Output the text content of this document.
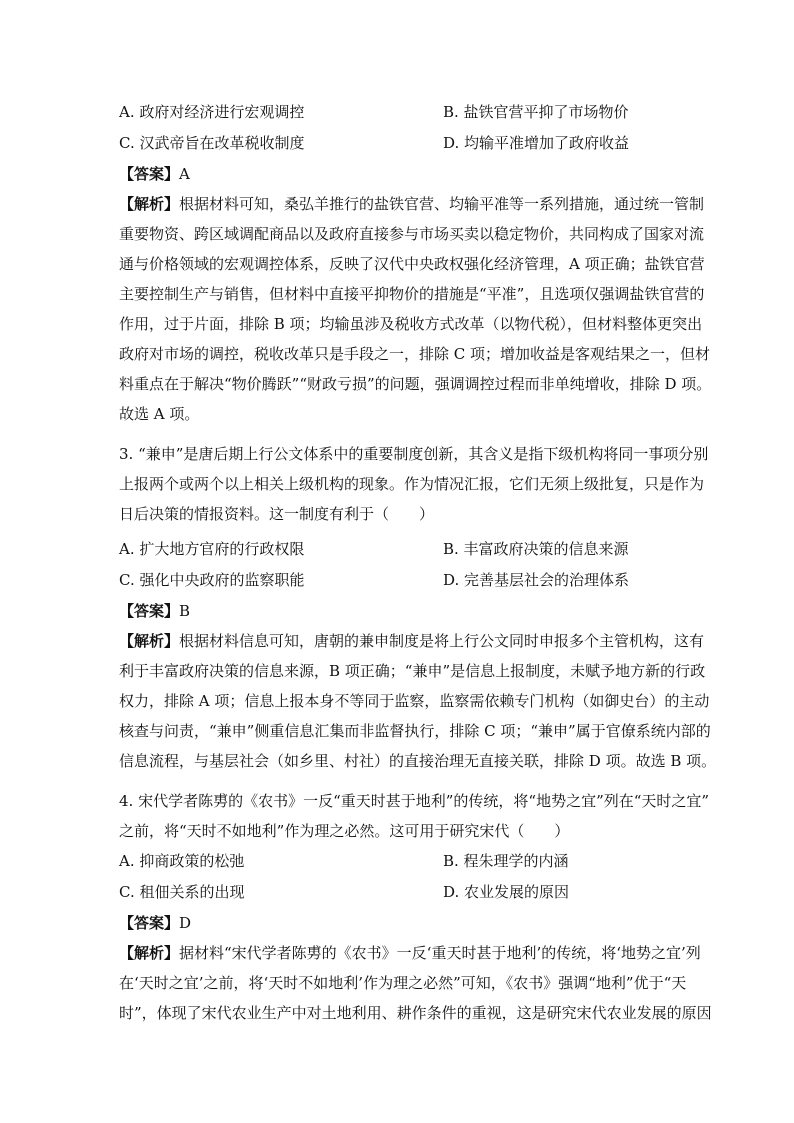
A. 政府对经济进行宏观调控	B. 盐铁官营平抑了市场物价
C. 汉武帝旨在改革税收制度	D. 均输平准增加了政府收益
【答案】A
【解析】根据材料可知，桑弘羊推行的盐铁官营、均输平准等一系列措施，通过统一管制
重要物资、跨区域调配商品以及政府直接参与市场买卖以稳定物价，共同构成了国家对流
通与价格领域的宏观调控体系，反映了汉代中央政权强化经济管理，A 项正确；盐铁官营
主要控制生产与销售，但材料中直接平抑物价的措施是“平准”，且选项仅强调盐铁官营的
作用，过于片面，排除 B 项；均输虽涉及税收方式改革（以物代税），但材料整体更突出
政府对市场的调控，税收改革只是手段之一，排除 C 项；增加收益是客观结果之一，但材
料重点在于解决“物价腾跃”“财政亏损”的问题，强调调控过程而非单纯增收，排除 D 项。
故选 A 项。
3. “兼申”是唐后期上行公文体系中的重要制度创新，其含义是指下级机构将同一事项分别
上报两个或两个以上相关上级机构的现象。作为情况汇报，它们无须上级批复，只是作为
日后决策的情报资料。这一制度有利于（　　）
A. 扩大地方官府的行政权限	B. 丰富政府决策的信息来源
C. 强化中央政府的监察职能	D. 完善基层社会的治理体系
【答案】B
【解析】根据材料信息可知，唐朝的兼申制度是将上行公文同时申报多个主管机构，这有
利于丰富政府决策的信息来源，B 项正确；“兼申”是信息上报制度，未赋予地方新的行政
权力，排除 A 项；信息上报本身不等同于监察，监察需依赖专门机构（如御史台）的主动
核查与问责，“兼申”侧重信息汇集而非监督执行，排除 C 项；“兼申”属于官僚系统内部的
信息流程，与基层社会（如乡里、村社）的直接治理无直接关联，排除 D 项。故选 B 项。
4. 宋代学者陈旉的《农书》一反“重天时甚于地利”的传统，将“地势之宜”列在“天时之宜”
之前，将“天时不如地利”作为理之必然。这可用于研究宋代（　　）
A. 抑商政策的松弛	B. 程朱理学的内涵
C. 租佃关系的出现	D. 农业发展的原因
【答案】D
【解析】据材料“宋代学者陈旉的《农书》一反‘重天时甚于地利’的传统，将‘地势之宜’列
在‘天时之宜’之前，将‘天时不如地利’作为理之必然”可知，《农书》强调“地利”优于“天
时”，体现了宋代农业生产中对土地利用、耕作条件的重视，这是研究宋代农业发展的原因
